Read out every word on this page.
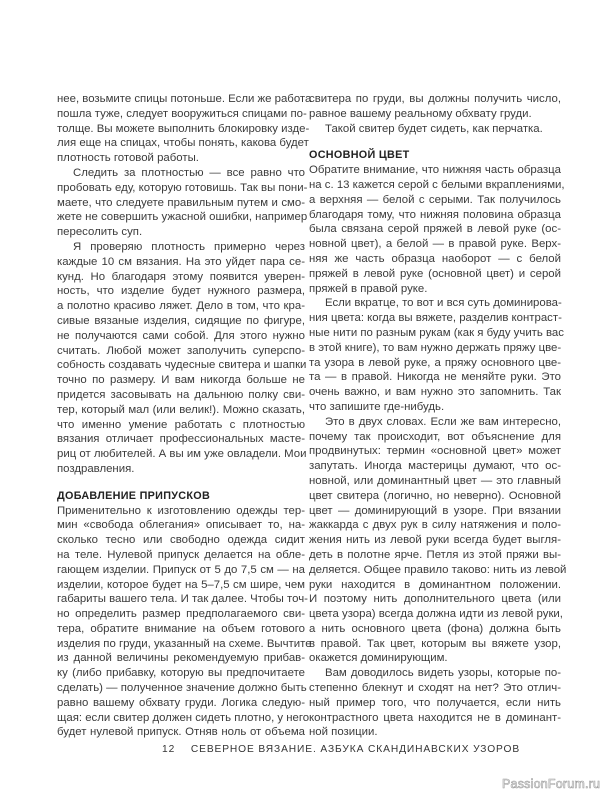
нее, возьмите спицы потоньше. Если же работа
пошла туже, следует вооружиться спицами по-
толще. Вы можете выполнить блокировку изде-
лия еще на спицах, чтобы понять, какова будет
плотность готовой работы.
Следить за плотностью — все равно что
пробовать еду, которую готовишь. Так вы пони-
маете, что следуете правильным путем и смо-
жете не совершить ужасной ошибки, например
пересолить суп.
Я проверяю плотность примерно через
каждые 10 см вязания. На это уйдет пара се-
кунд. Но благодаря этому появится уверен-
ность, что изделие будет нужного размера,
а полотно красиво ляжет. Дело в том, что кра-
сивые вязаные изделия, сидящие по фигуре,
не получаются сами собой. Для этого нужно
считать. Любой может заполучить суперспо-
собность создавать чудесные свитера и шапки
точно по размеру. И вам никогда больше не
придется засовывать на дальнюю полку сви-
тер, который мал (или велик!). Можно сказать,
что именно умение работать с плотностью
вязания отличает профессиональных масте-
риц от любителей. А вы им уже овладели. Мои
поздравления.
ДОБАВЛЕНИЕ ПРИПУСКОВ
Применительно к изготовлению одежды тер-
мин «свобода облегания» описывает то, на-
сколько тесно или свободно одежда сидит
на теле. Нулевой припуск делается на обле-
гающем изделии. Припуск от 5 до 7,5 см — на
изделии, которое будет на 5–7,5 см шире, чем
габариты вашего тела. И так далее. Чтобы точ-
но определить размер предполагаемого сви-
тера, обратите внимание на объем готового
изделия по груди, указанный на схеме. Вычтите
из данной величины рекомендуемую прибав-
ку (либо прибавку, которую вы предпочитаете
сделать) — полученное значение должно быть
равно вашему обхвату груди. Логика следую-
щая: если свитер должен сидеть плотно, у него
будет нулевой припуск. Отняв ноль от объема
свитера по груди, вы должны получить число,
равное вашему реальному обхвату груди.
Такой свитер будет сидеть, как перчатка.
ОСНОВНОЙ ЦВЕТ
Обратите внимание, что нижняя часть образца
на с. 13 кажется серой с белыми вкраплениями,
а верхняя — белой с серыми. Так получилось
благодаря тому, что нижняя половина образца
была связана серой пряжей в левой руке (ос-
новной цвет), а белой — в правой руке. Верх-
няя же часть образца наоборот — с белой
пряжей в левой руке (основной цвет) и серой
пряжей в правой руке.
Если вкратце, то вот и вся суть доминирова-
ния цвета: когда вы вяжете, разделив контраст-
ные нити по разным рукам (как я буду учить вас
в этой книге), то вам нужно держать пряжу цве-
та узора в левой руке, а пряжу основного цве-
та — в правой. Никогда не меняйте руки. Это
очень важно, и вам нужно это запомнить. Так
что запишите где-нибудь.
Это в двух словах. Если же вам интересно,
почему так происходит, вот объяснение для
продвинутых: термин «основной цвет» может
запутать. Иногда мастерицы думают, что ос-
новной, или доминантный цвет — это главный
цвет свитера (логично, но неверно). Основной
цвет — доминирующий в узоре. При вязании
жаккарда с двух рук в силу натяжения и поло-
жения нить из левой руки всегда будет выгля-
деть в полотне ярче. Петля из этой пряжи вы-
деляется. Общее правило таково: нить из левой
руки находится в доминантном положении.
И поэтому нить дополнительного цвета (или
цвета узора) всегда должна идти из левой руки,
а нить основного цвета (фона) должна быть
в правой. Так цвет, которым вы вяжете узор,
окажется доминирующим.
Вам доводилось видеть узоры, которые по-
степенно блекнут и сходят на нет? Это отлич-
ный пример того, что получается, если нить
контрастного цвета находится не в доминант-
ной позиции.
12 СЕВЕРНОЕ ВЯЗАНИЕ. АЗБУКА СКАНДИНАВСКИХ УЗОРОВ
PassionForum.ru
